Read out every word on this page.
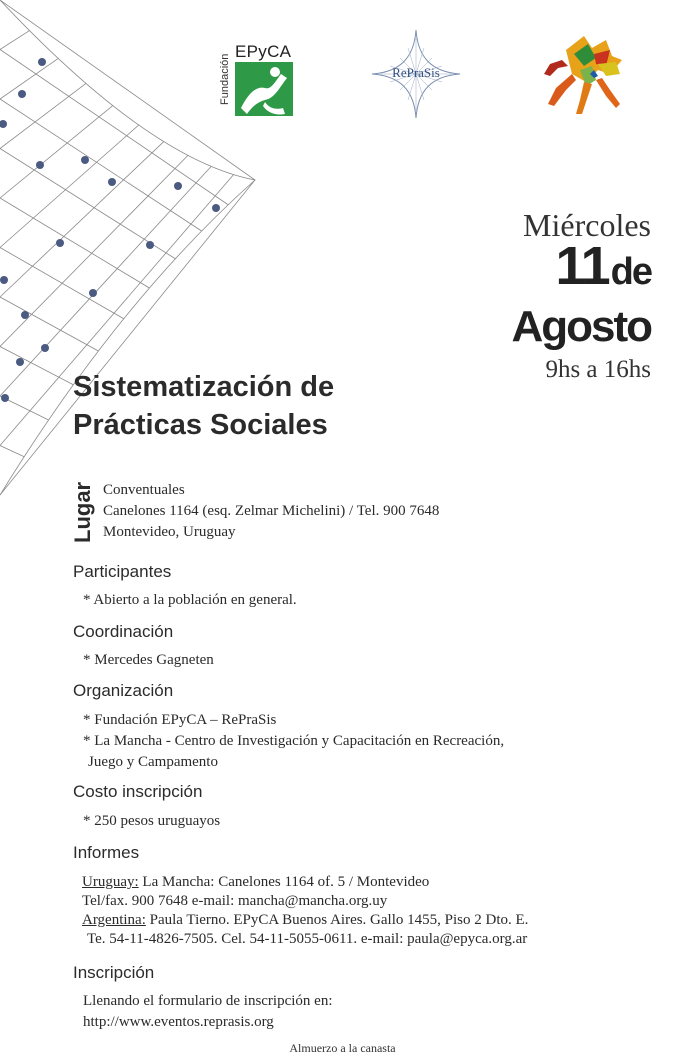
Fundación
EPyCA
RePraSis
Miércoles
11de
Agosto
9hs a 16hs
Sistematización de
Prácticas Sociales
Lugar Conventuales
Canelones 1164 (esq. Zelmar Michelini) / Tel. 900 7648
Montevideo, Uruguay
Participantes
* Abierto a la población en general.
Coordinación
* Mercedes Gagneten
Organización
* Fundación EPyCA – RePraSis
* La Mancha - Centro de Investigación y Capacitación en Recreación,
Juego y Campamento
Costo inscripción
* 250 pesos uruguayos
Informes
Uruguay: La Mancha: Canelones 1164 of. 5 / Montevideo
Tel/fax. 900 7648 e-mail: mancha@mancha.org.uy
Argentina: Paula Tierno. EPyCA Buenos Aires. Gallo 1455, Piso 2 Dto. E.
Te. 54-11-4826-7505. Cel. 54-11-5055-0611. e-mail: paula@epyca.org.ar
Inscripción
Llenando el formulario de inscripción en:
http://www.eventos.reprasis.org
Almuerzo a la canasta
